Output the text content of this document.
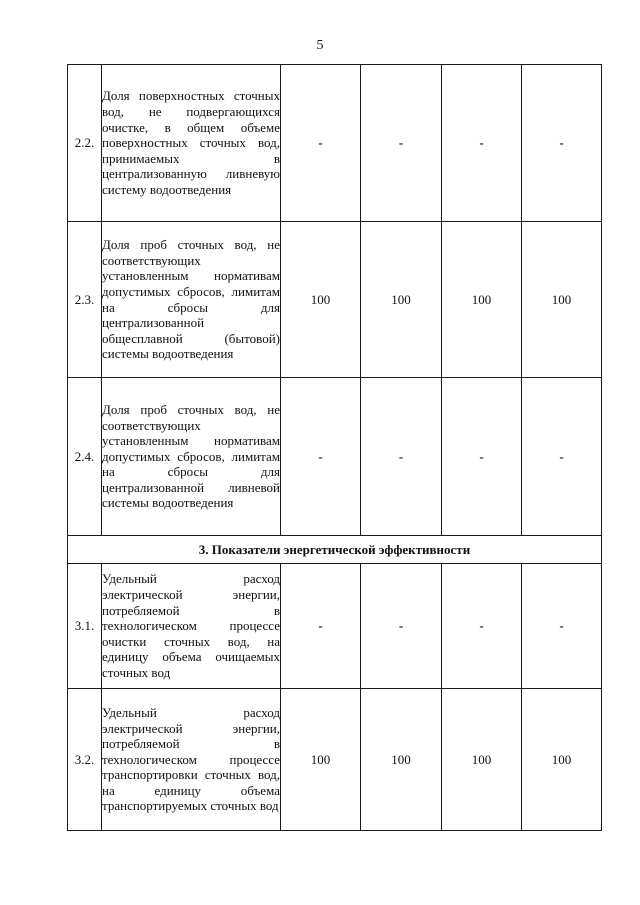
5
2.2.	Доля поверхностных сточных вод, не подвергающихся очистке, в общем объеме поверхностных сточных вод, принимаемых в централизованную ливневую систему водоотведения	-	-	-	-
2.3.	Доля проб сточных вод, не соответствующих установленным нормативам допустимых сбросов, лимитам на сбросы для централизованной общесплавной (бытовой) системы водоотведения	100	100	100	100
2.4.	Доля проб сточных вод, не соответствующих установленным нормативам допустимых сбросов, лимитам на сбросы для централизованной ливневой системы водоотведения	-	-	-	-
3. Показатели энергетической эффективности					
3.1.	Удельный расход электрической энергии, потребляемой в технологическом процессе очистки сточных вод, на единицу объема очищаемых сточных вод	-	-	-	-
3.2.	Удельный расход электрической энергии, потребляемой в технологическом процессе транспортировки сточных вод, на единицу объема транспортируемых сточных вод	100	100	100	100
